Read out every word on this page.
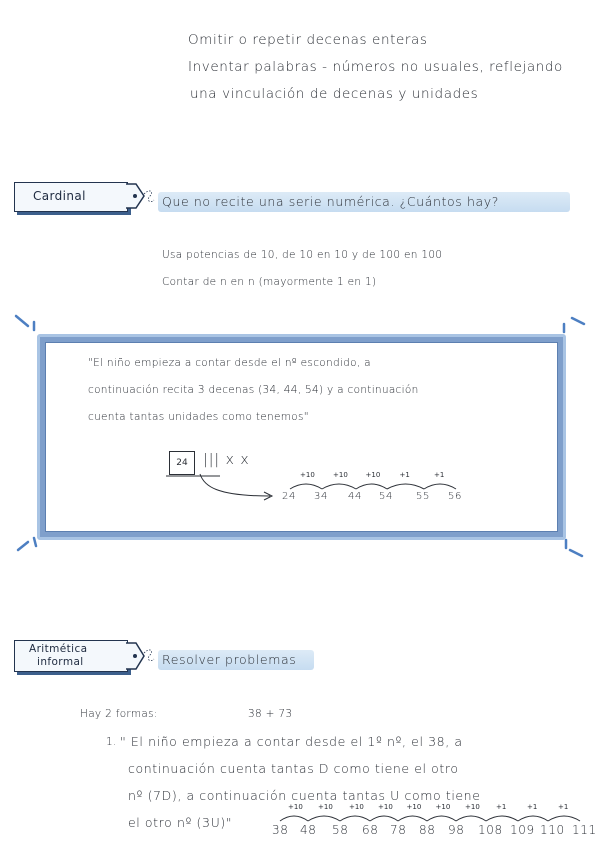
Omitir o repetir decenas enteras
Inventar palabras - números no usuales, reflejando
una vinculación de decenas y unidades
Cardinal	Que no recite una serie numérica. ¿Cuántos hay?
Usa potencias de 10, de 10 en 10 y de 100 en 100
Contar de n en n (mayormente 1 en 1)
"El niño empieza a contar desde el nº escondido, a
continuación recita 3 decenas (34, 44, 54) y a continuación
cuenta tantas unidades como tenemos"
24	||| x x
+10	+10	+10	+1	+1
24 34 44 54 55 56
Aritmética
informal	Resolver problemas
Hay 2 formas:	38 + 73
1. " El niño empieza a contar desde el 1º nº, el 38, a
continuación cuenta tantas D como tiene el otro
nº (7D), a continuación cuenta tantas U como tiene
el otro nº (3U)"
+10 +10 +10 +10 +10 +10 +10 +1	+1	+1
38 48 58 68 78 88 98 108 109 110 111
